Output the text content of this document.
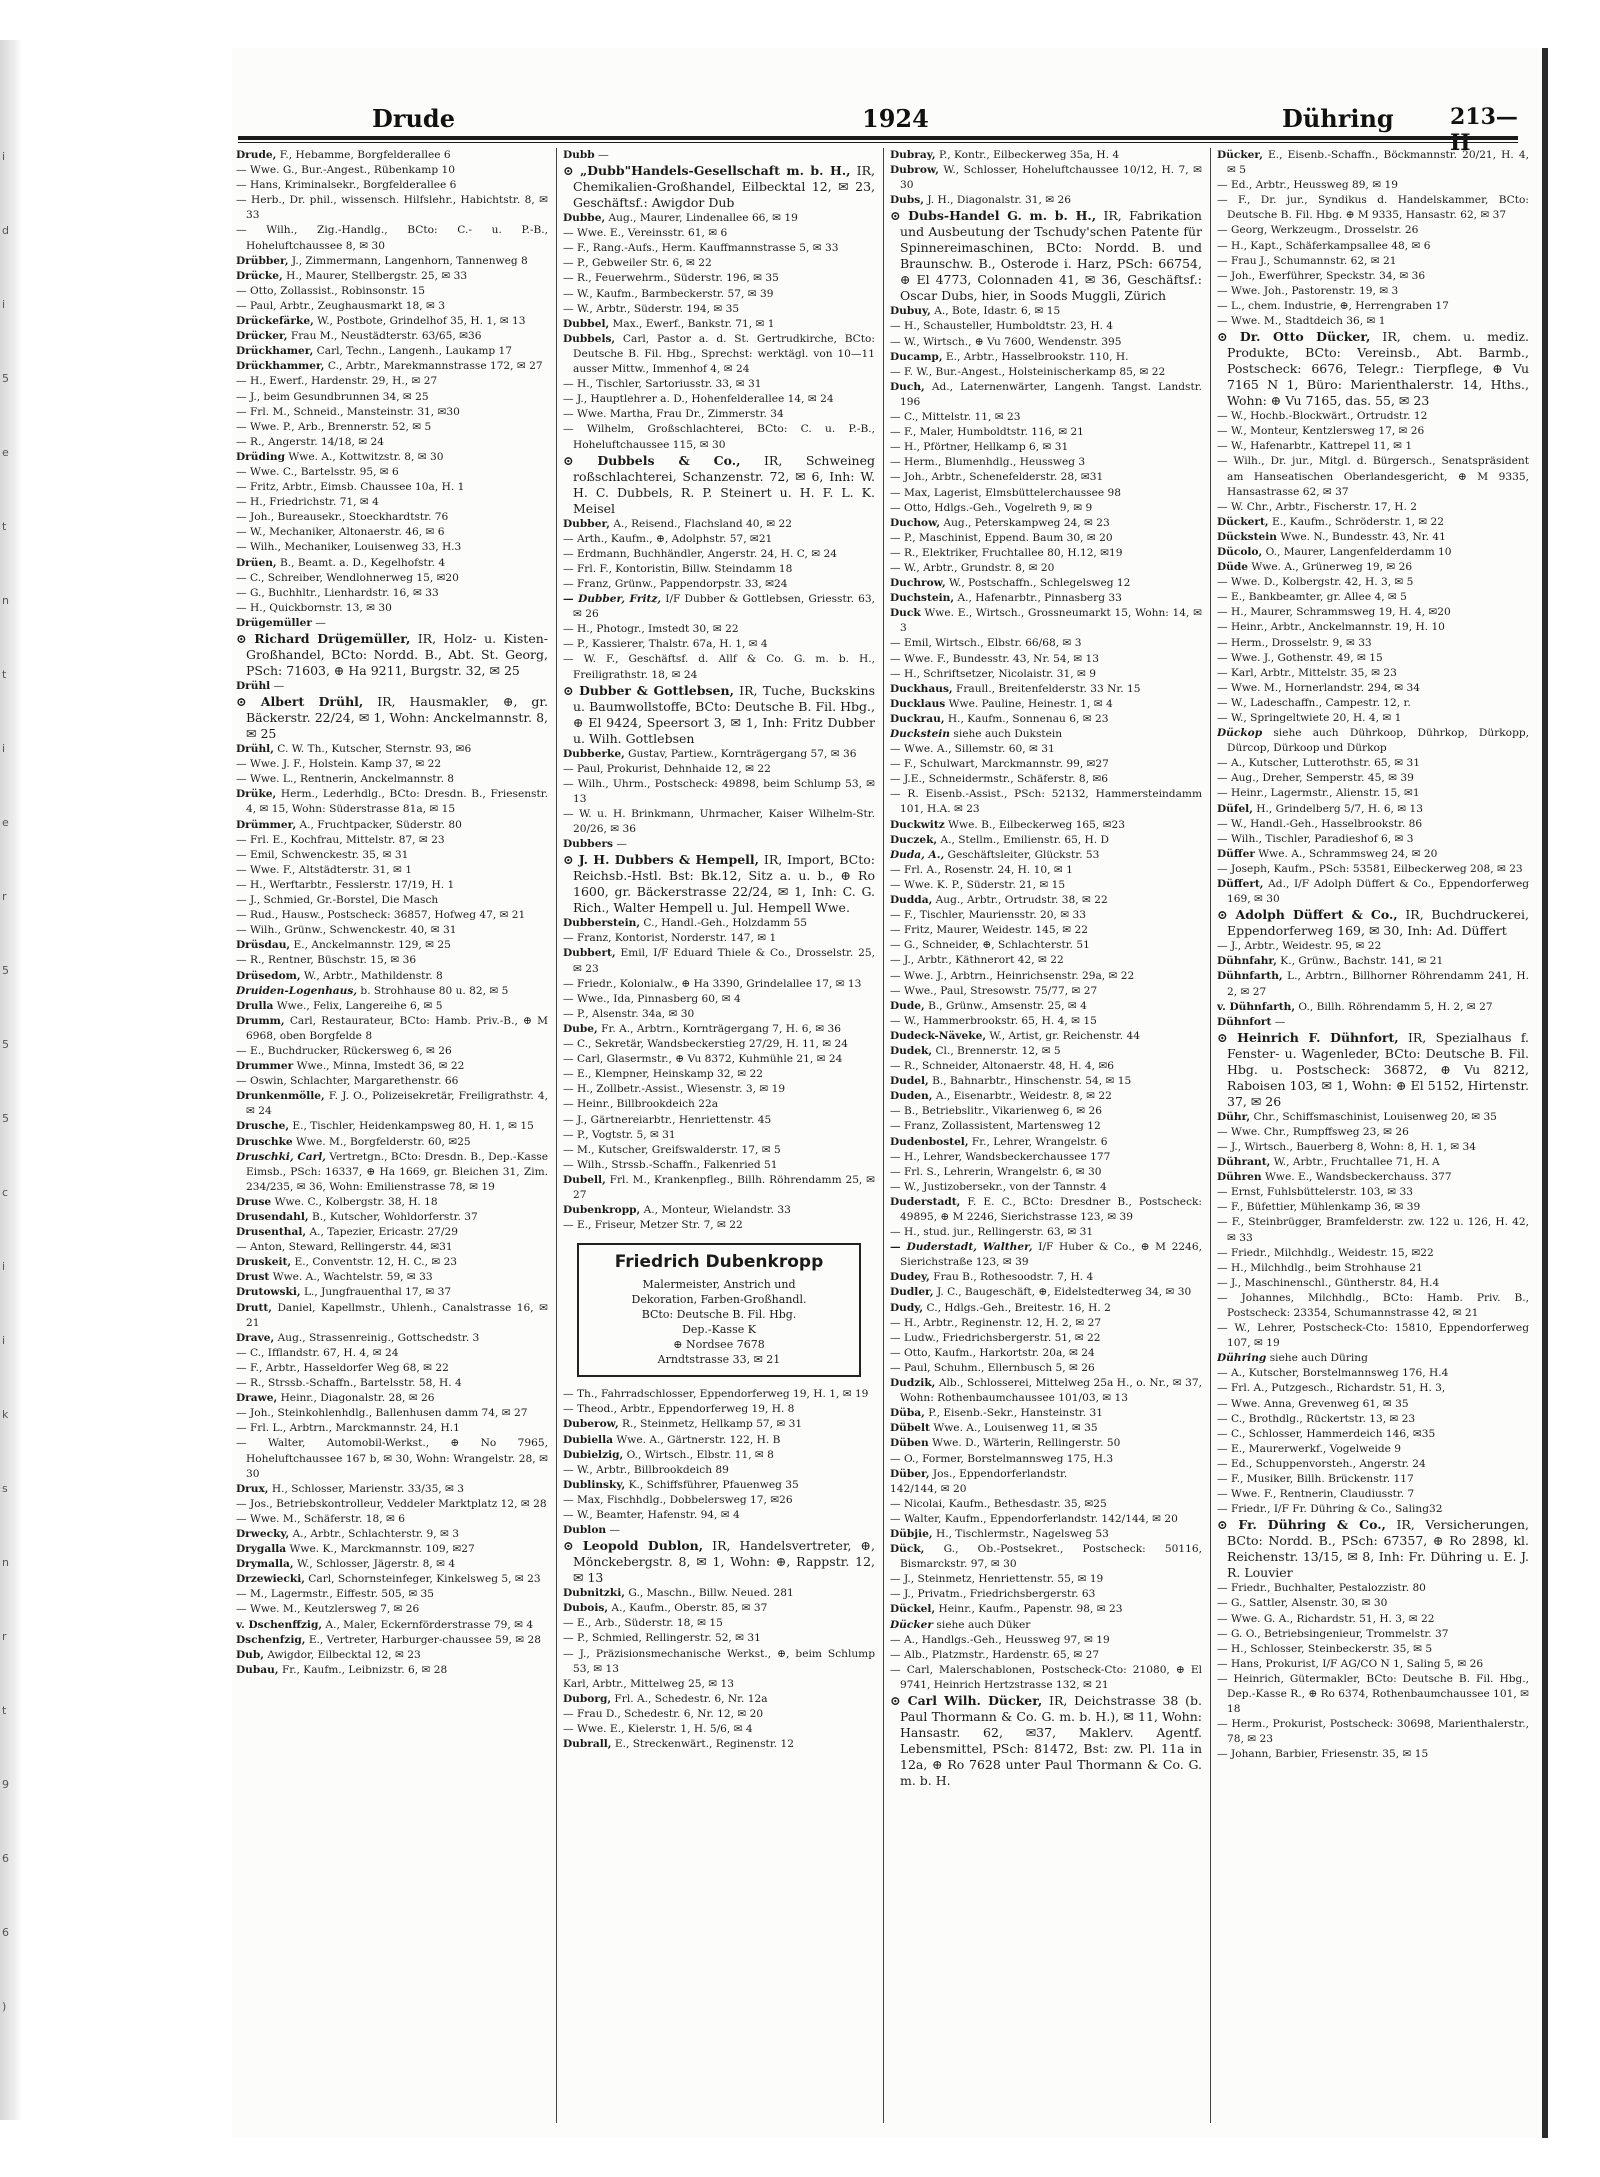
i
d
i
5
e
t
n
t
i
e
r
5
5
5
c
i
i
k
s
n
r
t
9
6
6
)
Drude	1924	Dühring	213—II
Drude, F., Hebamme, Borgfelderallee 6
— Wwe. G., Bur.-Angest., Rübenkamp 10
— Hans, Kriminalsekr., Borgfelderallee 6
— Herb., Dr. phil., wissensch. Hilfslehr., Habichtstr. 8, ✉ 33
— Wilh., Zig.-Handlg., BCto: C.- u. P.-B., Hoheluftchaussee 8, ✉ 30
Drübber, J., Zimmermann, Langenhorn, Tannenweg 8
Drücke, H., Maurer, Stellbergstr. 25, ✉ 33
— Otto, Zollassist., Robinsonstr. 15
— Paul, Arbtr., Zeughausmarkt 18, ✉ 3
Drückefärke, W., Postbote, Grindelhof 35, H. 1, ✉ 13
Drücker, Frau M., Neustädterstr. 63/65, ✉36
Drückhamer, Carl, Techn., Langenh., Laukamp 17
Drückhammer, C., Arbtr., Marekmannstrasse 172, ✉ 27
— H., Ewerf., Hardenstr. 29, H., ✉ 27
— J., beim Gesundbrunnen 34, ✉ 25
— Frl. M., Schneid., Mansteinstr. 31, ✉30
— Wwe. P., Arb., Brennerstr. 52, ✉ 5
— R., Angerstr. 14/18, ✉ 24
Drüding Wwe. A., Kottwitzstr. 8, ✉ 30
— Wwe. C., Bartelsstr. 95, ✉ 6
— Fritz, Arbtr., Eimsb. Chaussee 10a, H. 1
— H., Friedrichstr. 71, ✉ 4
— Joh., Bureausekr., Stoeckhardtstr. 76
— W., Mechaniker, Altonaerstr. 46, ✉ 6
— Wilh., Mechaniker, Louisenweg 33, H.3
Drüen, B., Beamt. a. D., Kegelhofstr. 4
— C., Schreiber, Wendlohnerweg 15, ✉20
— G., Buchhltr., Lienhardstr. 16, ✉ 33
— H., Quickbornstr. 13, ✉ 30
Drügemüller —
⊙ Richard Drügemüller, IR, Holz- u. Kisten-Großhandel, BCto: Nordd. B., Abt. St. Georg, PSch: 71603, ⊕ Ha 9211, Burgstr. 32, ✉ 25
Drühl —
⊙ Albert Drühl, IR, Hausmakler, ⊕, gr. Bäckerstr. 22/24, ✉ 1, Wohn: Anckelmannstr. 8, ✉ 25
Drühl, C. W. Th., Kutscher, Sternstr. 93, ✉6
— Wwe. J. F., Holstein. Kamp 37, ✉ 22
— Wwe. L., Rentnerin, Anckelmannstr. 8
Drüke, Herm., Lederhdlg., BCto: Dresdn. B., Friesenstr. 4, ✉ 15, Wohn: Süderstrasse 81a, ✉ 15
Drümmer, A., Fruchtpacker, Süderstr. 80
— Frl. E., Kochfrau, Mittelstr. 87, ✉ 23
— Emil, Schwenckestr. 35, ✉ 31
— Wwe. F., Altstädterstr. 31, ✉ 1
— H., Werftarbtr., Fesslerstr. 17/19, H. 1
— J., Schmied, Gr.-Borstel, Die Masch
— Rud., Hausw., Postscheck: 36857, Hofweg 47, ✉ 21
— Wilh., Grünw., Schwenckestr. 40, ✉ 31
Drüsdau, E., Anckelmannstr. 129, ✉ 25
— R., Rentner, Büschstr. 15, ✉ 36
Drüsedom, W., Arbtr., Mathildenstr. 8
Druiden-Logenhaus, b. Strohhause 80 u. 82, ✉ 5
Drulla Wwe., Felix, Langereihe 6, ✉ 5
Drumm, Carl, Restaurateur, BCto: Hamb. Priv.-B., ⊕ M 6968, oben Borgfelde 8
— E., Buchdrucker, Rückersweg 6, ✉ 26
Drummer Wwe., Minna, Imstedt 36, ✉ 22
— Oswin, Schlachter, Margarethenstr. 66
Drunkenmölle, F. J. O., Polizeisekretär, Freiligrathstr. 4, ✉ 24
Drusche, E., Tischler, Heidenkampsweg 80, H. 1, ✉ 15
Druschke Wwe. M., Borgfelderstr. 60, ✉25
Druschki, Carl, Vertretgn., BCto: Dresdn. B., Dep.-Kasse Eimsb., PSch: 16337, ⊕ Ha 1669, gr. Bleichen 31, Zim. 234/235, ✉ 36, Wohn: Emilienstrasse 78, ✉ 19
Druse Wwe. C., Kolbergstr. 38, H. 18
Drusendahl, B., Kutscher, Wohldorferstr. 37
Drusenthal, A., Tapezier, Ericastr. 27/29
— Anton, Steward, Rellingerstr. 44, ✉31
Druskeit, E., Conventstr. 12, H. C., ✉ 23
Drust Wwe. A., Wachtelstr. 59, ✉ 33
Drutowski, L., Jungfrauenthal 17, ✉ 37
Drutt, Daniel, Kapellmstr., Uhlenh., Canalstrasse 16, ✉ 21
Drave, Aug., Strassenreinig., Gottschedstr. 3
— C., Ifflandstr. 67, H. 4, ✉ 24
— F., Arbtr., Hasseldorfer Weg 68, ✉ 22
— R., Strssb.-Schaffn., Bartelsstr. 58, H. 4
Drawe, Heinr., Diagonalstr. 28, ✉ 26
— Joh., Steinkohlenhdlg., Ballenhusen damm 74, ✉ 27
— Frl. L., Arbtrn., Marckmannstr. 24, H.1
— Walter, Automobil-Werkst., ⊕ No 7965, Hoheluftchaussee 167 b, ✉ 30, Wohn: Wrangelstr. 28, ✉ 30
Drux, H., Schlosser, Marienstr. 33/35, ✉ 3
— Jos., Betriebskontrolleur, Veddeler Marktplatz 12, ✉ 28
— Wwe. M., Schäferstr. 18, ✉ 6
Drwecky, A., Arbtr., Schlachterstr. 9, ✉ 3
Drygalla Wwe. K., Marckmannstr. 109, ✉27
Drymalla, W., Schlosser, Jägerstr. 8, ✉ 4
Drzewiecki, Carl, Schornsteinfeger, Kinkelsweg 5, ✉ 23
— M., Lagermstr., Eiffestr. 505, ✉ 35
— Wwe. M., Keutzlersweg 7, ✉ 26
v. Dschenffzig, A., Maler, Eckernförderstrasse 79, ✉ 4
Dschenfzig, E., Vertreter, Harburger-chaussee 59, ✉ 28
Dub, Awigdor, Eilbecktal 12, ✉ 23
Dubau, Fr., Kaufm., Leibnizstr. 6, ✉ 28
Dubb —
⊙ „Dubb"Handels-Gesellschaft m. b. H., IR, Chemikalien-Großhandel, Eilbecktal 12, ✉ 23, Geschäftsf.: Awigdor Dub
Dubbe, Aug., Maurer, Lindenallee 66, ✉ 19
— Wwe. E., Vereinsstr. 61, ✉ 6
— F., Rang.-Aufs., Herm. Kauffmannstrasse 5, ✉ 33
— P., Gebweiler Str. 6, ✉ 22
— R., Feuerwehrm., Süderstr. 196, ✉ 35
— W., Kaufm., Barmbeckerstr. 57, ✉ 39
— W., Arbtr., Süderstr. 194, ✉ 35
Dubbel, Max., Ewerf., Bankstr. 71, ✉ 1
Dubbels, Carl, Pastor a. d. St. Gertrudkirche, BCto: Deutsche B. Fil. Hbg., Sprechst: werktägl. von 10—11 ausser Mittw., Immenhof 4, ✉ 24
— H., Tischler, Sartoriusstr. 33, ✉ 31
— J., Hauptlehrer a. D., Hohenfelderallee 14, ✉ 24
— Wwe. Martha, Frau Dr., Zimmerstr. 34
— Wilhelm, Großschlachterei, BCto: C. u. P.-B., Hoheluftchaussee 115, ✉ 30
⊙ Dubbels & Co., IR, Schweineg roßschlachterei, Schanzenstr. 72, ✉ 6, Inh: W. H. C. Dubbels, R. P. Steinert u. H. F. L. K. Meisel
Dubber, A., Reisend., Flachsland 40, ✉ 22
— Arth., Kaufm., ⊕, Adolphstr. 57, ✉21
— Erdmann, Buchhändler, Angerstr. 24, H. C, ✉ 24
— Frl. F., Kontoristin, Billw. Steindamm 18
— Franz, Grünw., Pappendorpstr. 33, ✉24
— Dubber, Fritz, I/F Dubber & Gottlebsen, Griesstr. 63, ✉ 26
— H., Photogr., Imstedt 30, ✉ 22
— P., Kassierer, Thalstr. 67a, H. 1, ✉ 4
— W. F., Geschäftsf. d. Allf & Co. G. m. b. H., Freiligrathstr. 18, ✉ 24
⊙ Dubber & Gottlebsen, IR, Tuche, Buckskins u. Baumwollstoffe, BCto: Deutsche B. Fil. Hbg., ⊕ El 9424, Speersort 3, ✉ 1, Inh: Fritz Dubber u. Wilh. Gottlebsen
Dubberke, Gustav, Partiew., Kornträgergang 57, ✉ 36
— Paul, Prokurist, Dehnhaide 12, ✉ 22
— Wilh., Uhrm., Postscheck: 49898, beim Schlump 53, ✉ 13
— W. u. H. Brinkmann, Uhrmacher, Kaiser Wilhelm-Str. 20/26, ✉ 36
Dubbers —
⊙ J. H. Dubbers & Hempell, IR, Import, BCto: Reichsb.-Hstl. Bst: Bk.12, Sitz a. u. b., ⊕ Ro 1600, gr. Bäckerstrasse 22/24, ✉ 1, Inh: C. G. Rich., Walter Hempell u. Jul. Hempell Wwe.
Dubberstein, C., Handl.-Geh., Holzdamm 55
— Franz, Kontorist, Norderstr. 147, ✉ 1
Dubbert, Emil, I/F Eduard Thiele & Co., Drosselstr. 25, ✉ 23
— Friedr., Kolonialw., ⊕ Ha 3390, Grindelallee 17, ✉ 13
— Wwe., Ida, Pinnasberg 60, ✉ 4
— P., Alsenstr. 34a, ✉ 30
Dube, Fr. A., Arbtrn., Kornträgergang 7, H. 6, ✉ 36
— C., Sekretär, Wandsbeckerstieg 27/29, H. 11, ✉ 24
— Carl, Glasermstr., ⊕ Vu 8372, Kuhmühle 21, ✉ 24
— E., Klempner, Heinskamp 32, ✉ 22
— H., Zollbetr.-Assist., Wiesenstr. 3, ✉ 19
— Heinr., Billbrookdeich 22a
— J., Gärtnereiarbtr., Henriettenstr. 45
— P., Vogtstr. 5, ✉ 31
— M., Kutscher, Greifswalderstr. 17, ✉ 5
— Wilh., Strssb.-Schaffn., Falkenried 51
Dubell, Frl. M., Krankenpfleg., Billh. Röhrendamm 25, ✉ 27
Dubenkropp, A., Monteur, Wielandstr. 33
— E., Friseur, Metzer Str. 7, ✉ 22
Friedrich Dubenkropp
Malermeister, Anstrich und
Dekoration, Farben-Großhandl.
BCto: Deutsche B. Fil. Hbg.
Dep.-Kasse K
⊕ Nordsee 7678
Arndtstrasse 33, ✉ 21
— Th., Fahrradschlosser, Eppendorferweg 19, H. 1, ✉ 19
— Theod., Arbtr., Eppendorferweg 19, H. 8
Duberow, R., Steinmetz, Hellkamp 57, ✉ 31
Dubiella Wwe. A., Gärtnerstr. 122, H. B
Dubielzig, O., Wirtsch., Elbstr. 11, ✉ 8
— W., Arbtr., Billbrookdeich 89
Dublinsky, K., Schiffsführer, Pfauenweg 35
— Max, Fischhdlg., Dobbelersweg 17, ✉26
— W., Beamter, Hafenstr. 94, ✉ 4
Dublon —
⊙ Leopold Dublon, IR, Handelsvertreter, ⊕, Mönckebergstr. 8, ✉ 1, Wohn: ⊕, Rappstr. 12, ✉ 13
Dubnitzki, G., Maschn., Billw. Neued. 281
Dubois, A., Kaufm., Oberstr. 85, ✉ 37
— E., Arb., Süderstr. 18, ✉ 15
— P., Schmied, Rellingerstr. 52, ✉ 31
— J., Präzisionsmechanische Werkst., ⊕, beim Schlump 53, ✉ 13
Karl, Arbtr., Mittelweg 25, ✉ 13
Duborg, Frl. A., Schedestr. 6, Nr. 12a
— Frau D., Schedestr. 6, Nr. 12, ✉ 20
— Wwe. E., Kielerstr. 1, H. 5/6, ✉ 4
Dubrall, E., Streckenwärt., Reginenstr. 12
Dubray, P., Kontr., Eilbeckerweg 35a, H. 4
Dubrow, W., Schlosser, Hoheluftchaussee 10/12, H. 7, ✉ 30
Dubs, J. H., Diagonalstr. 31, ✉ 26
⊙ Dubs-Handel G. m. b. H., IR, Fabrikation und Ausbeutung der Tschudy'schen Patente für Spinnereimaschinen, BCto: Nordd. B. und Braunschw. B., Osterode i. Harz, PSch: 66754, ⊕ El 4773, Colonnaden 41, ✉ 36, Geschäftsf.: Oscar Dubs, hier, in Soods Muggli, Zürich
Dubuy, A., Bote, Idastr. 6, ✉ 15
— H., Schausteller, Humboldtstr. 23, H. 4
— W., Wirtsch., ⊕ Vu 7600, Wendenstr. 395
Ducamp, E., Arbtr., Hasselbrookstr. 110, H.
— F. W., Bur.-Angest., Holsteinischerkamp 85, ✉ 22
Duch, Ad., Laternenwärter, Langenh. Tangst. Landstr. 196
— C., Mittelstr. 11, ✉ 23
— F., Maler, Humboldtstr. 116, ✉ 21
— H., Pförtner, Hellkamp 6, ✉ 31
— Herm., Blumenhdlg., Heussweg 3
— Joh., Arbtr., Schenefelderstr. 28, ✉31
— Max, Lagerist, Elmsbüttelerchaussee 98
— Otto, Hdlgs.-Geh., Vogelreth 9, ✉ 9
Duchow, Aug., Peterskampweg 24, ✉ 23
— P., Maschinist, Eppend. Baum 30, ✉ 20
— R., Elektriker, Fruchtallee 80, H.12, ✉19
— W., Arbtr., Grundstr. 8, ✉ 20
Duchrow, W., Postschaffn., Schlegelsweg 12
Duchstein, A., Hafenarbtr., Pinnasberg 33
Duck Wwe. E., Wirtsch., Grossneumarkt 15, Wohn: 14, ✉ 3
— Emil, Wirtsch., Elbstr. 66/68, ✉ 3
— Wwe. F., Bundesstr. 43, Nr. 54, ✉ 13
— H., Schriftsetzer, Nicolaistr. 31, ✉ 9
Duckhaus, Fraull., Breitenfelderstr. 33 Nr. 15
Ducklaus Wwe. Pauline, Heinestr. 1, ✉ 4
Duckrau, H., Kaufm., Sonnenau 6, ✉ 23
Duckstein siehe auch Dukstein
— Wwe. A., Sillemstr. 60, ✉ 31
— F., Schulwart, Marckmannstr. 99, ✉27
— J.E., Schneidermstr., Schäferstr. 8, ✉6
— R. Eisenb.-Assist., PSch: 52132, Hammersteindamm 101, H.A. ✉ 23
Duckwitz Wwe. B., Eilbeckerweg 165, ✉23
Duczek, A., Stellm., Emilienstr. 65, H. D
Duda, A., Geschäftsleiter, Glückstr. 53
— Frl. A., Rosenstr. 24, H. 10, ✉ 1
— Wwe. K. P., Süderstr. 21, ✉ 15
Dudda, Aug., Arbtr., Ortrudstr. 38, ✉ 22
— F., Tischler, Mauriensstr. 20, ✉ 33
— Fritz, Maurer, Weidestr. 145, ✉ 22
— G., Schneider, ⊕, Schlachterstr. 51
— J., Arbtr., Käthnerort 42, ✉ 22
— Wwe. J., Arbtrn., Heinrichsenstr. 29a, ✉ 22
— Wwe., Paul, Stresowstr. 75/77, ✉ 27
Dude, B., Grünw., Amsenstr. 25, ✉ 4
— W., Hammerbrookstr. 65, H. 4, ✉ 15
Dudeck-Näveke, W., Artist, gr. Reichenstr. 44
Dudek, Cl., Brennerstr. 12, ✉ 5
— R., Schneider, Altonaerstr. 48, H. 4, ✉6
Dudel, B., Bahnarbtr., Hinschenstr. 54, ✉ 15
Duden, A., Eisenarbtr., Weidestr. 8, ✉ 22
— B., Betriebslitr., Vikarienweg 6, ✉ 26
— Franz, Zollassistent, Martensweg 12
Dudenbostel, Fr., Lehrer, Wrangelstr. 6
— H., Lehrer, Wandsbeckerchaussee 177
— Frl. S., Lehrerin, Wrangelstr. 6, ✉ 30
— W., Justizobersekr., von der Tannstr. 4
Duderstadt, F. E. C., BCto: Dresdner B., Postscheck: 49895, ⊕ M 2246, Sierichstrasse 123, ✉ 39
— H., stud. jur., Rellingerstr. 63, ✉ 31
— Duderstadt, Walther, I/F Huber & Co., ⊕ M 2246, Sierichstraße 123, ✉ 39
Dudey, Frau B., Rothesoodstr. 7, H. 4
Dudler, J. C., Baugeschäft, ⊕, Eidelstedterweg 34, ✉ 30
Dudy, C., Hdlgs.-Geh., Breitestr. 16, H. 2
— H., Arbtr., Reginenstr. 12, H. 2, ✉ 27
— Ludw., Friedrichsbergerstr. 51, ✉ 22
— Otto, Kaufm., Harkortstr. 20a, ✉ 24
— Paul, Schuhm., Ellernbusch 5, ✉ 26
Dudzik, Alb., Schlosserei, Mittelweg 25a H., o. Nr., ✉ 37, Wohn: Rothenbaumchaussee 101/03, ✉ 13
Düba, P., Eisenb.-Sekr., Hansteinstr. 31
Dübelt Wwe. A., Louisenweg 11, ✉ 35
Düben Wwe. D., Wärterin, Rellingerstr. 50
— O., Former, Borstelmannsweg 175, H.3
Düber, Jos., Eppendorferlandstr.
142/144, ✉ 20
— Nicolai, Kaufm., Bethesdastr. 35, ✉25
— Walter, Kaufm., Eppendorferlandstr. 142/144, ✉ 20
Dübjie, H., Tischlermstr., Nagelsweg 53
Dück, G., Ob.-Postsekret., Postscheck: 50116, Bismarckstr. 97, ✉ 30
— J., Steinmetz, Henriettenstr. 55, ✉ 19
— J., Privatm., Friedrichsbergerstr. 63
Dückel, Heinr., Kaufm., Papenstr. 98, ✉ 23
Dücker siehe auch Düker
— A., Handlgs.-Geh., Heussweg 97, ✉ 19
— Alb., Platzmstr., Hardenstr. 65, ✉ 27
— Carl, Malerschablonen, Postscheck-Cto: 21080, ⊕ El 9741, Heinrich Hertzstrasse 132, ✉ 21
⊙ Carl Wilh. Dücker, IR, Deichstrasse 38 (b. Paul Thormann & Co. G. m. b. H.), ✉ 11, Wohn: Hansastr. 62, ✉37, Maklerv. Agentf. Lebensmittel, PSch: 81472, Bst: zw. Pl. 11a in 12a, ⊕ Ro 7628 unter Paul Thormann & Co. G. m. b. H.
Dücker, E., Eisenb.-Schaffn., Böckmannstr. 20/21, H. 4, ✉ 5
— Ed., Arbtr., Heussweg 89, ✉ 19
— F., Dr. jur., Syndikus d. Handelskammer, BCto: Deutsche B. Fil. Hbg. ⊕ M 9335, Hansastr. 62, ✉ 37
— Georg, Werkzeugm., Drosselstr. 26
— H., Kapt., Schäferkampsallee 48, ✉ 6
— Frau J., Schumannstr. 62, ✉ 21
— Joh., Ewerführer, Speckstr. 34, ✉ 36
— Wwe. Joh., Pastorenstr. 19, ✉ 3
— L., chem. Industrie, ⊕, Herrengraben 17
— Wwe. M., Stadtdeich 36, ✉ 1
⊙ Dr. Otto Dücker, IR, chem. u. mediz. Produkte, BCto: Vereinsb., Abt. Barmb., Postscheck: 6676, Telegr.: Tierpflege, ⊕ Vu 7165 N 1, Büro: Marienthalerstr. 14, Hths., Wohn: ⊕ Vu 7165, das. 55, ✉ 23
— W., Hochb.-Blockwärt., Ortrudstr. 12
— W., Monteur, Kentzlersweg 17, ✉ 26
— W., Hafenarbtr., Kattrepel 11, ✉ 1
— Wilh., Dr. jur., Mitgl. d. Bürgersch., Senatspräsident am Hanseatischen Oberlandesgericht, ⊕ M 9335, Hansastrasse 62, ✉ 37
— W. Chr., Arbtr., Fischerstr. 17, H. 2
Dückert, E., Kaufm., Schröderstr. 1, ✉ 22
Dückstein Wwe. N., Bundesstr. 43, Nr. 41
Dücolo, O., Maurer, Langenfelderdamm 10
Düde Wwe. A., Grünerweg 19, ✉ 26
— Wwe. D., Kolbergstr. 42, H. 3, ✉ 5
— E., Bankbeamter, gr. Allee 4, ✉ 5
— H., Maurer, Schrammsweg 19, H. 4, ✉20
— Heinr., Arbtr., Anckelmannstr. 19, H. 10
— Herm., Drosselstr. 9, ✉ 33
— Wwe. J., Gothenstr. 49, ✉ 15
— Karl, Arbtr., Mittelstr. 35, ✉ 23
— Wwe. M., Hornerlandstr. 294, ✉ 34
— W., Ladeschaffn., Campestr. 12, r.
— W., Springeltwiete 20, H. 4, ✉ 1
Dückop siehe auch Dührkoop, Dührkop, Dürkopp, Dürcop, Dürkoop und Dürkop
— A., Kutscher, Lutterothstr. 65, ✉ 31
— Aug., Dreher, Semperstr. 45, ✉ 39
— Heinr., Lagermstr., Alienstr. 15, ✉1
Düfel, H., Grindelberg 5/7, H. 6, ✉ 13
— W., Handl.-Geh., Hasselbrookstr. 86
— Wilh., Tischler, Paradieshof 6, ✉ 3
Düffer Wwe. A., Schrammsweg 24, ✉ 20
— Joseph, Kaufm., PSch: 53581, Eilbeckerweg 208, ✉ 23
Düffert, Ad., I/F Adolph Düffert & Co., Eppendorferweg 169, ✉ 30
⊙ Adolph Düffert & Co., IR, Buchdruckerei, Eppendorferweg 169, ✉ 30, Inh: Ad. Düffert
— J., Arbtr., Weidestr. 95, ✉ 22
Dühnfahr, K., Grünw., Bachstr. 141, ✉ 21
Dühnfarth, L., Arbtrn., Billhorner Röhrendamm 241, H. 2, ✉ 27
v. Dühnfarth, O., Billh. Röhrendamm 5, H. 2, ✉ 27
Dühnfort —
⊙ Heinrich F. Dühnfort, IR, Spezialhaus f. Fenster- u. Wagenleder, BCto: Deutsche B. Fil. Hbg. u. Postscheck: 36872, ⊕ Vu 8212, Raboisen 103, ✉ 1, Wohn: ⊕ El 5152, Hirtenstr. 37, ✉ 26
Dühr, Chr., Schiffsmaschinist, Louisenweg 20, ✉ 35
— Wwe. Chr., Rumpffsweg 23, ✉ 26
— J., Wirtsch., Bauerberg 8, Wohn: 8, H. 1, ✉ 34
Dührant, W., Arbtr., Fruchtallee 71, H. A
Dühren Wwe. E., Wandsbeckerchauss. 377
— Ernst, Fuhlsbüttelerstr. 103, ✉ 33
— F., Büfettier, Mühlenkamp 36, ✉ 39
— F., Steinbrügger, Bramfelderstr. zw. 122 u. 126, H. 42, ✉ 33
— Friedr., Milchhdlg., Weidestr. 15, ✉22
— H., Milchhdlg., beim Strohhause 21
— J., Maschinenschl., Güntherstr. 84, H.4
— Johannes, Milchhdlg., BCto: Hamb. Priv. B., Postscheck: 23354, Schumannstrasse 42, ✉ 21
— W., Lehrer, Postscheck-Cto: 15810, Eppendorferweg 107, ✉ 19
Dühring siehe auch Düring
— A., Kutscher, Borstelmannsweg 176, H.4
— Frl. A., Putzgesch., Richardstr. 51, H. 3,
— Wwe. Anna, Grevenweg 61, ✉ 35
— C., Brothdlg., Rückertstr. 13, ✉ 23
— C., Schlosser, Hammerdeich 146, ✉35
— E., Maurerwerkf., Vogelweide 9
— Ed., Schuppenvorsteh., Angerstr. 24
— F., Musiker, Billh. Brückenstr. 117
— Wwe. F., Rentnerin, Claudiusstr. 7
— Friedr., I/F Fr. Dühring & Co., Saling32
⊙ Fr. Dühring & Co., IR, Versicherungen, BCto: Nordd. B., PSch: 67357, ⊕ Ro 2898, kl. Reichenstr. 13/15, ✉ 8, Inh: Fr. Dühring u. E. J. R. Louvier
— Friedr., Buchhalter, Pestalozzistr. 80
— G., Sattler, Alsenstr. 30, ✉ 30
— Wwe. G. A., Richardstr. 51, H. 3, ✉ 22
— G. O., Betriebsingenieur, Trommelstr. 37
— H., Schlosser, Steinbeckerstr. 35, ✉ 5
— Hans, Prokurist, I/F AG/CO N 1, Saling 5, ✉ 26
— Heinrich, Gütermakler, BCto: Deutsche B. Fil. Hbg., Dep.-Kasse R., ⊕ Ro 6374, Rothenbaumchaussee 101, ✉ 18
— Herm., Prokurist, Postscheck: 30698, Marienthalerstr., 78, ✉ 23
— Johann, Barbier, Friesenstr. 35, ✉ 15
